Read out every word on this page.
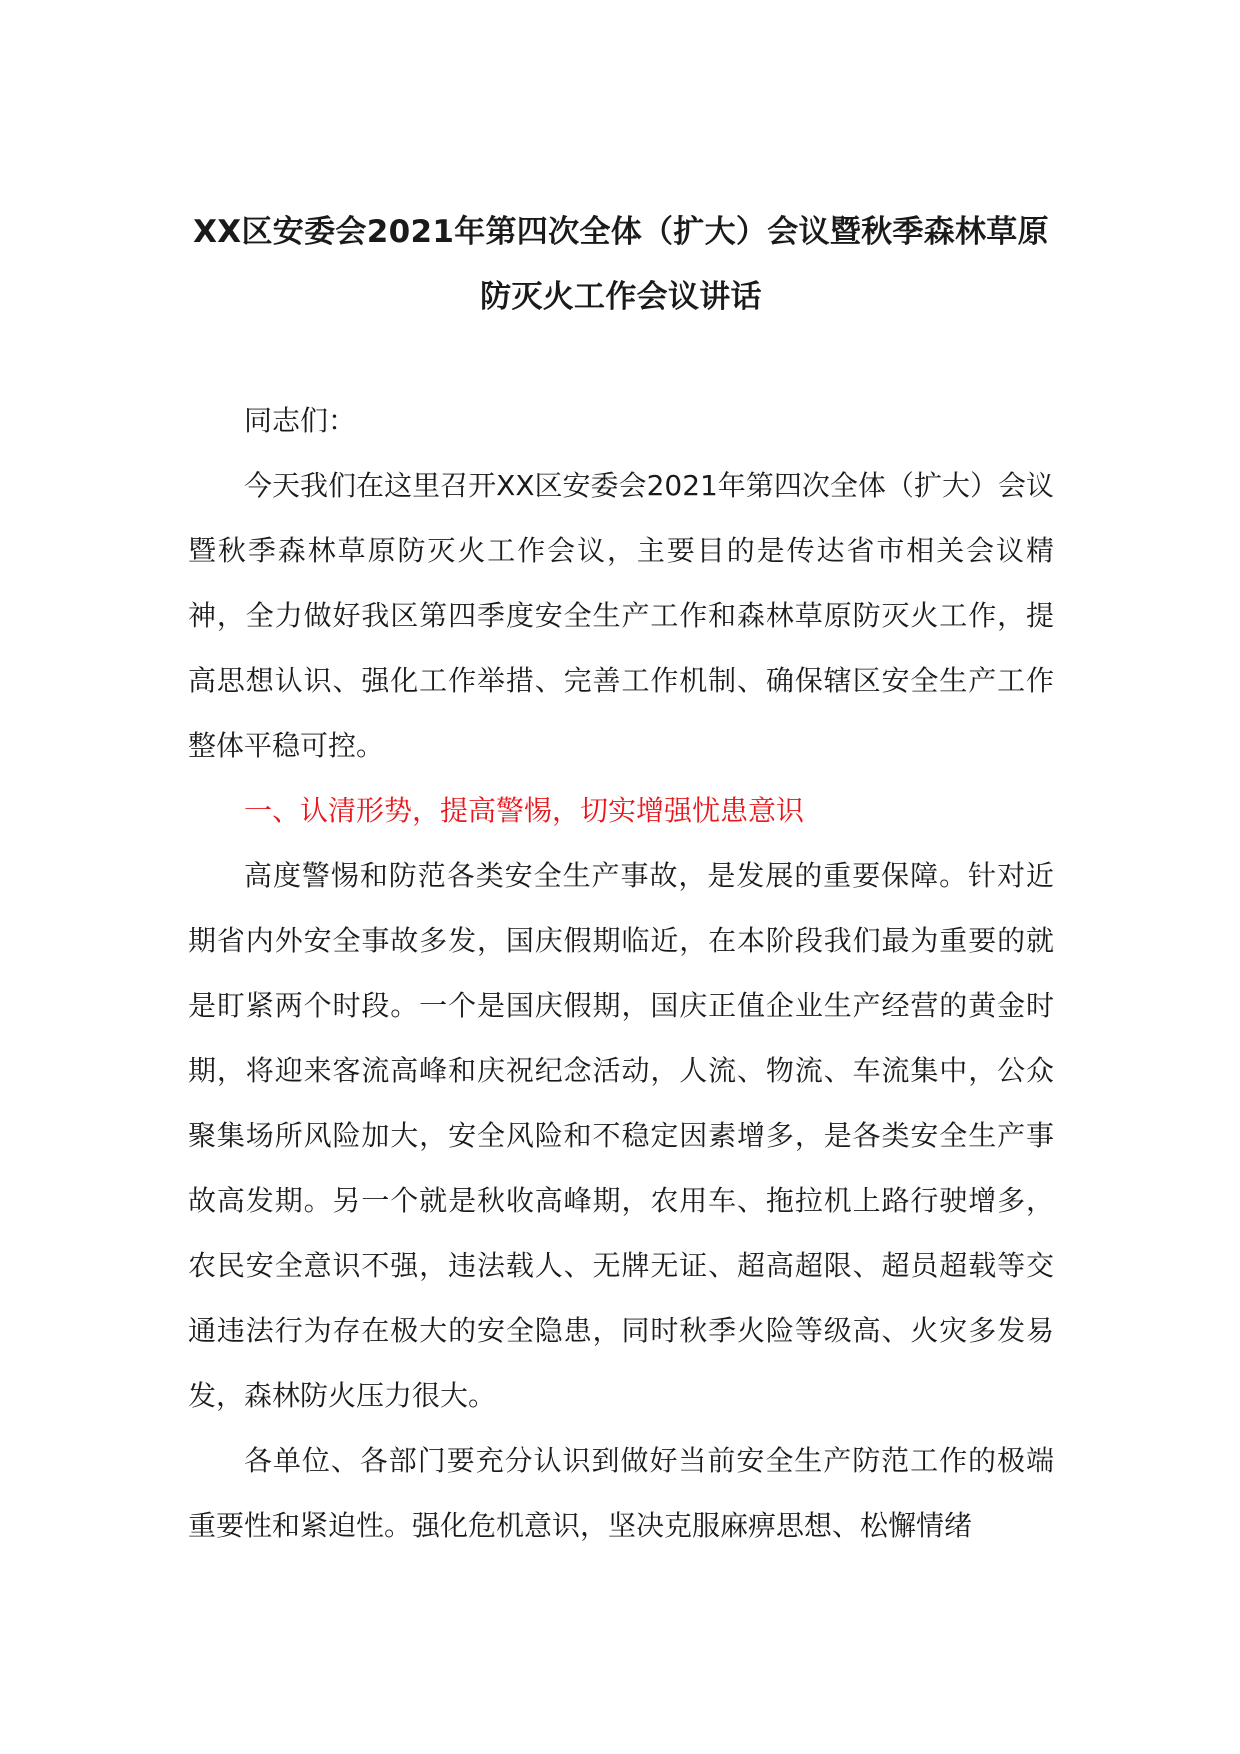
XX区安委会2021年第四次全体（扩大）会议暨秋季森林草原防灭火工作会议讲话

同志们：

今天我们在这里召开XX区安委会2021年第四次全体（扩大）会议暨秋季森林草原防灭火工作会议，主要目的是传达省市相关会议精神，全力做好我区第四季度安全生产工作和森林草原防灭火工作，提高思想认识、强化工作举措、完善工作机制、确保辖区安全生产工作整体平稳可控。

一、认清形势，提高警惕，切实增强忧患意识

高度警惕和防范各类安全生产事故，是发展的重要保障。针对近期省内外安全事故多发，国庆假期临近，在本阶段我们最为重要的就是盯紧两个时段。一个是国庆假期，国庆正值企业生产经营的黄金时期，将迎来客流高峰和庆祝纪念活动，人流、物流、车流集中，公众聚集场所风险加大，安全风险和不稳定因素增多，是各类安全生产事故高发期。另一个就是秋收高峰期，农用车、拖拉机上路行驶增多，农民安全意识不强，违法载人、无牌无证、超高超限、超员超载等交通违法行为存在极大的安全隐患，同时秋季火险等级高、火灾多发易发，森林防火压力很大。

各单位、各部门要充分认识到做好当前安全生产防范工作的极端重要性和紧迫性。强化危机意识，坚决克服麻痹思想、松懈情绪
